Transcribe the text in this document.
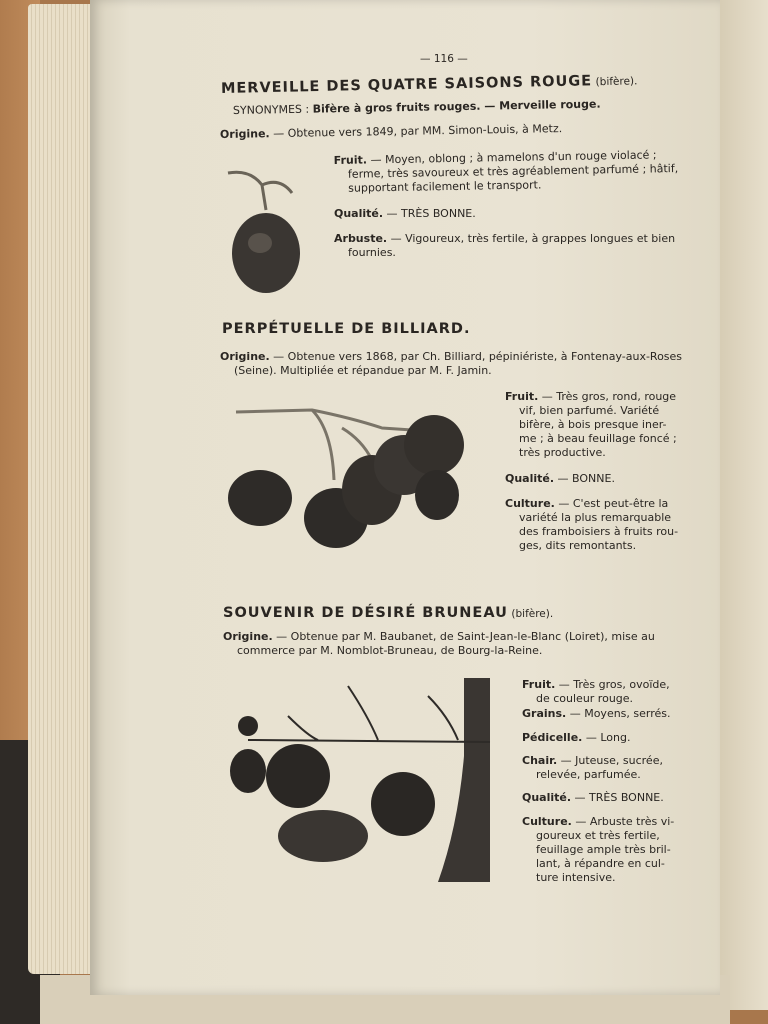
— 116 —
MERVEILLE DES QUATRE SAISONS ROUGE (bifère).
SYNONYMES : Bifère à gros fruits rouges. — Merveille rouge.
Origine. — Obtenue vers 1849, par MM. Simon-Louis, à Metz.
Fruit. — Moyen, oblong ; à mamelons d'un rouge violacé ;
ferme, très savoureux et très agréablement parfumé ; hâtif,
supportant facilement le transport.
Qualité. — TRÈS BONNE.
Arbuste. — Vigoureux, très fertile, à grappes longues et bien
fournies.
PERPÉTUELLE DE BILLIARD.
Origine. — Obtenue vers 1868, par Ch. Billiard, pépiniériste, à Fontenay-aux-Roses
(Seine). Multipliée et répandue par M. F. Jamin.
Fruit. — Très gros, rond, rouge
vif, bien parfumé. Variété
bifère, à bois presque iner-
me ; à beau feuillage foncé ;
très productive.
Qualité. — BONNE.
Culture. — C'est peut-être la
variété la plus remarquable
des framboisiers à fruits rou-
ges, dits remontants.
SOUVENIR DE DÉSIRÉ BRUNEAU (bifère).
Origine. — Obtenue par M. Baubanet, de Saint-Jean-le-Blanc (Loiret), mise au
commerce par M. Nomblot-Bruneau, de Bourg-la-Reine.
Fruit. — Très gros, ovoïde,
de couleur rouge.
Grains. — Moyens, serrés.
Pédicelle. — Long.
Chair. — Juteuse, sucrée,
relevée, parfumée.
Qualité. — TRÈS BONNE.
Culture. — Arbuste très vi-
goureux et très fertile,
feuillage ample très bril-
lant, à répandre en cul-
ture intensive.
